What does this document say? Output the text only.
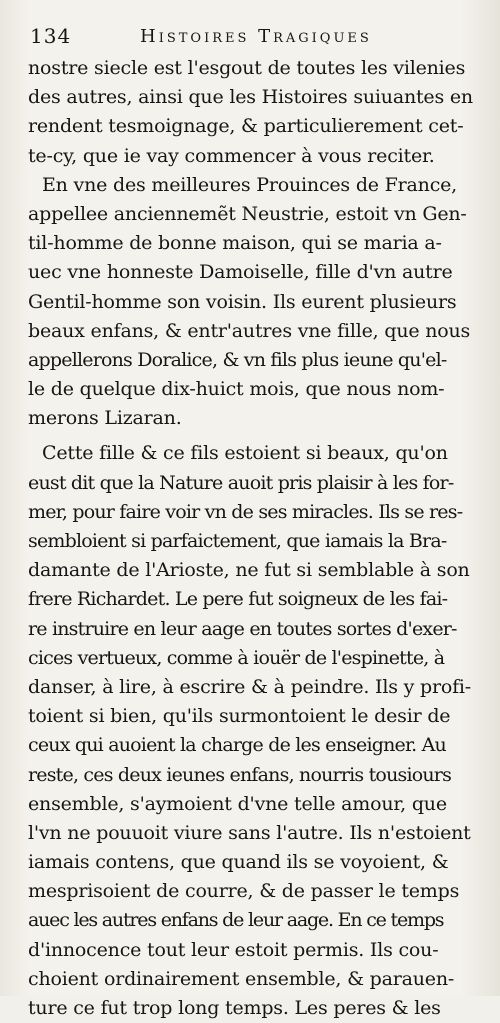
134	Histoires Tragiques
nostre siecle est l'esgout de toutes les vilenies
des autres, ainsi que les Histoires suiuantes en
rendent tesmoignage, & particulierement cet-
te-cy, que ie vay commencer à vous reciter.
En vne des meilleures Prouinces de France,
appellee anciennemẽt Neustrie, estoit vn Gen-
til-homme de bonne maison, qui se maria a-
uec vne honneste Damoiselle, fille d'vn autre
Gentil-homme son voisin. Ils eurent plusieurs
beaux enfans, & entr'autres vne fille, que nous
appellerons Doralice, & vn fils plus ieune qu'el-
le de quelque dix-huict mois, que nous nom-
merons Lizaran.
Cette fille & ce fils estoient si beaux, qu'on
eust dit que la Nature auoit pris plaisir à les for-
mer, pour faire voir vn de ses miracles. Ils se res-
sembloient si parfaictement, que iamais la Bra-
damante de l'Arioste, ne fut si semblable à son
frere Richardet. Le pere fut soigneux de les fai-
re instruire en leur aage en toutes sortes d'exer-
cices vertueux, comme à iouër de l'espinette, à
danser, à lire, à escrire & à peindre. Ils y profi-
toient si bien, qu'ils surmontoient le desir de
ceux qui auoient la charge de les enseigner. Au
reste, ces deux ieunes enfans, nourris tousiours
ensemble, s'aymoient d'vne telle amour, que
l'vn ne pouuoit viure sans l'autre. Ils n'estoient
iamais contens, que quand ils se voyoient, &
mesprisoient de courre, & de passer le temps
auec les autres enfans de leur aage. En ce temps
d'innocence tout leur estoit permis. Ils cou-
choient ordinairement ensemble, & parauen-
ture ce fut trop long temps. Les peres & les
